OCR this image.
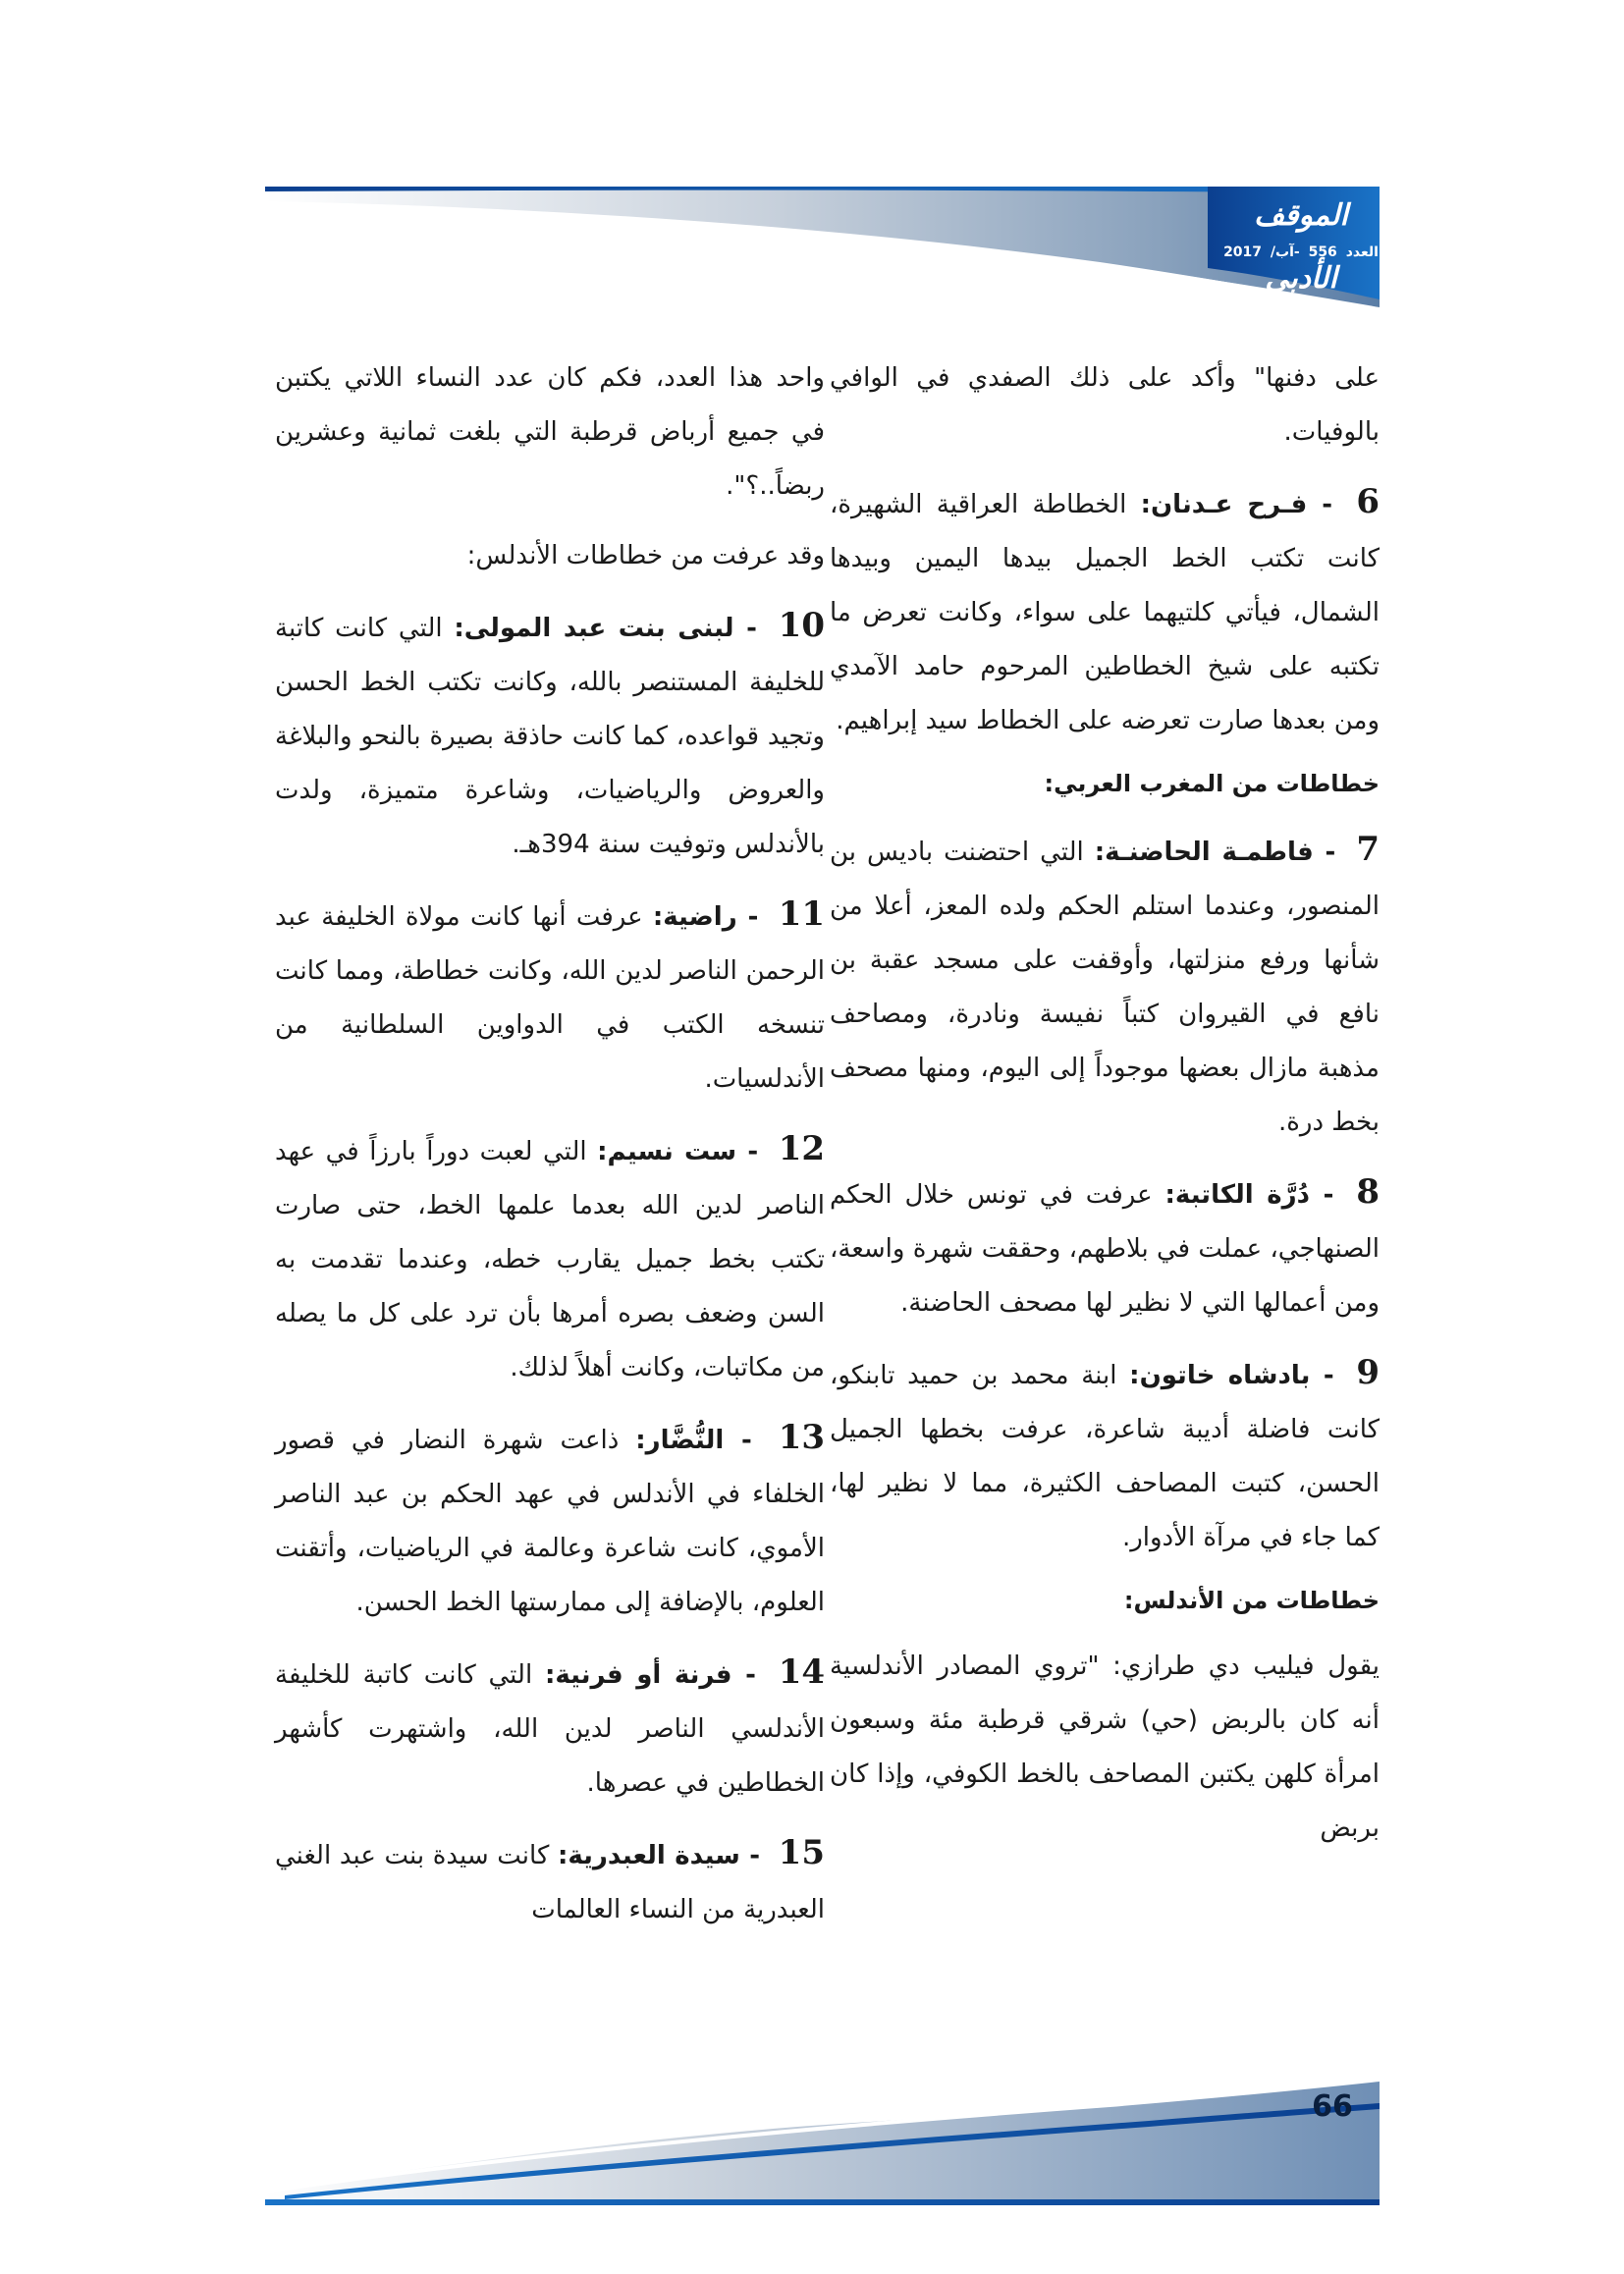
الموقف الأدبي
العدد 556 -آب/ 2017

على دفنها" وأكد على ذلك الصفدي في الوافي بالوفيات.

6 - فـرح عـدنان: الخطاطة العراقية الشهيرة، كانت تكتب الخط الجميل بيدها اليمين وبيدها الشمال، فيأتي كلتيهما على سواء، وكانت تعرض ما تكتبه على شيخ الخطاطين المرحوم حامد الآمدي ومن بعدها صارت تعرضه على الخطاط سيد إبراهيم.

خطاطات من المغرب العربي:

7 - فاطمـة الحاضنـة: التي احتضنت باديس بن المنصور، وعندما استلم الحكم ولده المعز، أعلا من شأنها ورفع منزلتها، وأوقفت على مسجد عقبة بن نافع في القيروان كتباً نفيسة ونادرة، ومصاحف مذهبة مازال بعضها موجوداً إلى اليوم، ومنها مصحف بخط درة.

8 - دُرَّة الكاتبة: عرفت في تونس خلال الحكم الصنهاجي، عملت في بلاطهم، وحققت شهرة واسعة، ومن أعمالها التي لا نظير لها مصحف الحاضنة.

9 - بادشاه خاتون: ابنة محمد بن حميد تابنكو، كانت فاضلة أديبة شاعرة، عرفت بخطها الجميل الحسن، كتبت المصاحف الكثيرة، مما لا نظير لها، كما جاء في مرآة الأدوار.

خطاطات من الأندلس:

يقول فيليب دي طرازي: "تروي المصادر الأندلسية أنه كان بالربض (حي) شرقي قرطبة مئة وسبعون امرأة كلهن يكتبن المصاحف بالخط الكوفي، وإذا كان بربض

واحد هذا العدد، فكم كان عدد النساء اللاتي يكتبن في جميع أرباض قرطبة التي بلغت ثمانية وعشرين ربضاً..؟".

وقد عرفت من خطاطات الأندلس:

10 - لبنى بنت عبد المولى: التي كانت كاتبة للخليفة المستنصر بالله، وكانت تكتب الخط الحسن وتجيد قواعده، كما كانت حاذقة بصيرة بالنحو والبلاغة والعروض والرياضيات، وشاعرة متميزة، ولدت بالأندلس وتوفيت سنة 394هـ.

11 - راضية: عرفت أنها كانت مولاة الخليفة عبد الرحمن الناصر لدين الله، وكانت خطاطة، ومما كانت تنسخه الكتب في الدواوين السلطانية من الأندلسيات.

12 - ست نسيم: التي لعبت دوراً بارزاً في عهد الناصر لدين الله بعدما علمها الخط، حتى صارت تكتب بخط جميل يقارب خطه، وعندما تقدمت به السن وضعف بصره أمرها بأن ترد على كل ما يصله من مكاتبات، وكانت أهلاً لذلك.

13 - النُّضَّار: ذاعت شهرة النضار في قصور الخلفاء في الأندلس في عهد الحكم بن عبد الناصر الأموي، كانت شاعرة وعالمة في الرياضيات، وأتقنت العلوم، بالإضافة إلى ممارستها الخط الحسن.

14 - فرنة أو فرنية: التي كانت كاتبة للخليفة الأندلسي الناصر لدين الله، واشتهرت كأشهر الخطاطين في عصرها.

15 - سيدة العبدرية: كانت سيدة بنت عبد الغني العبدرية من النساء العالمات

66
